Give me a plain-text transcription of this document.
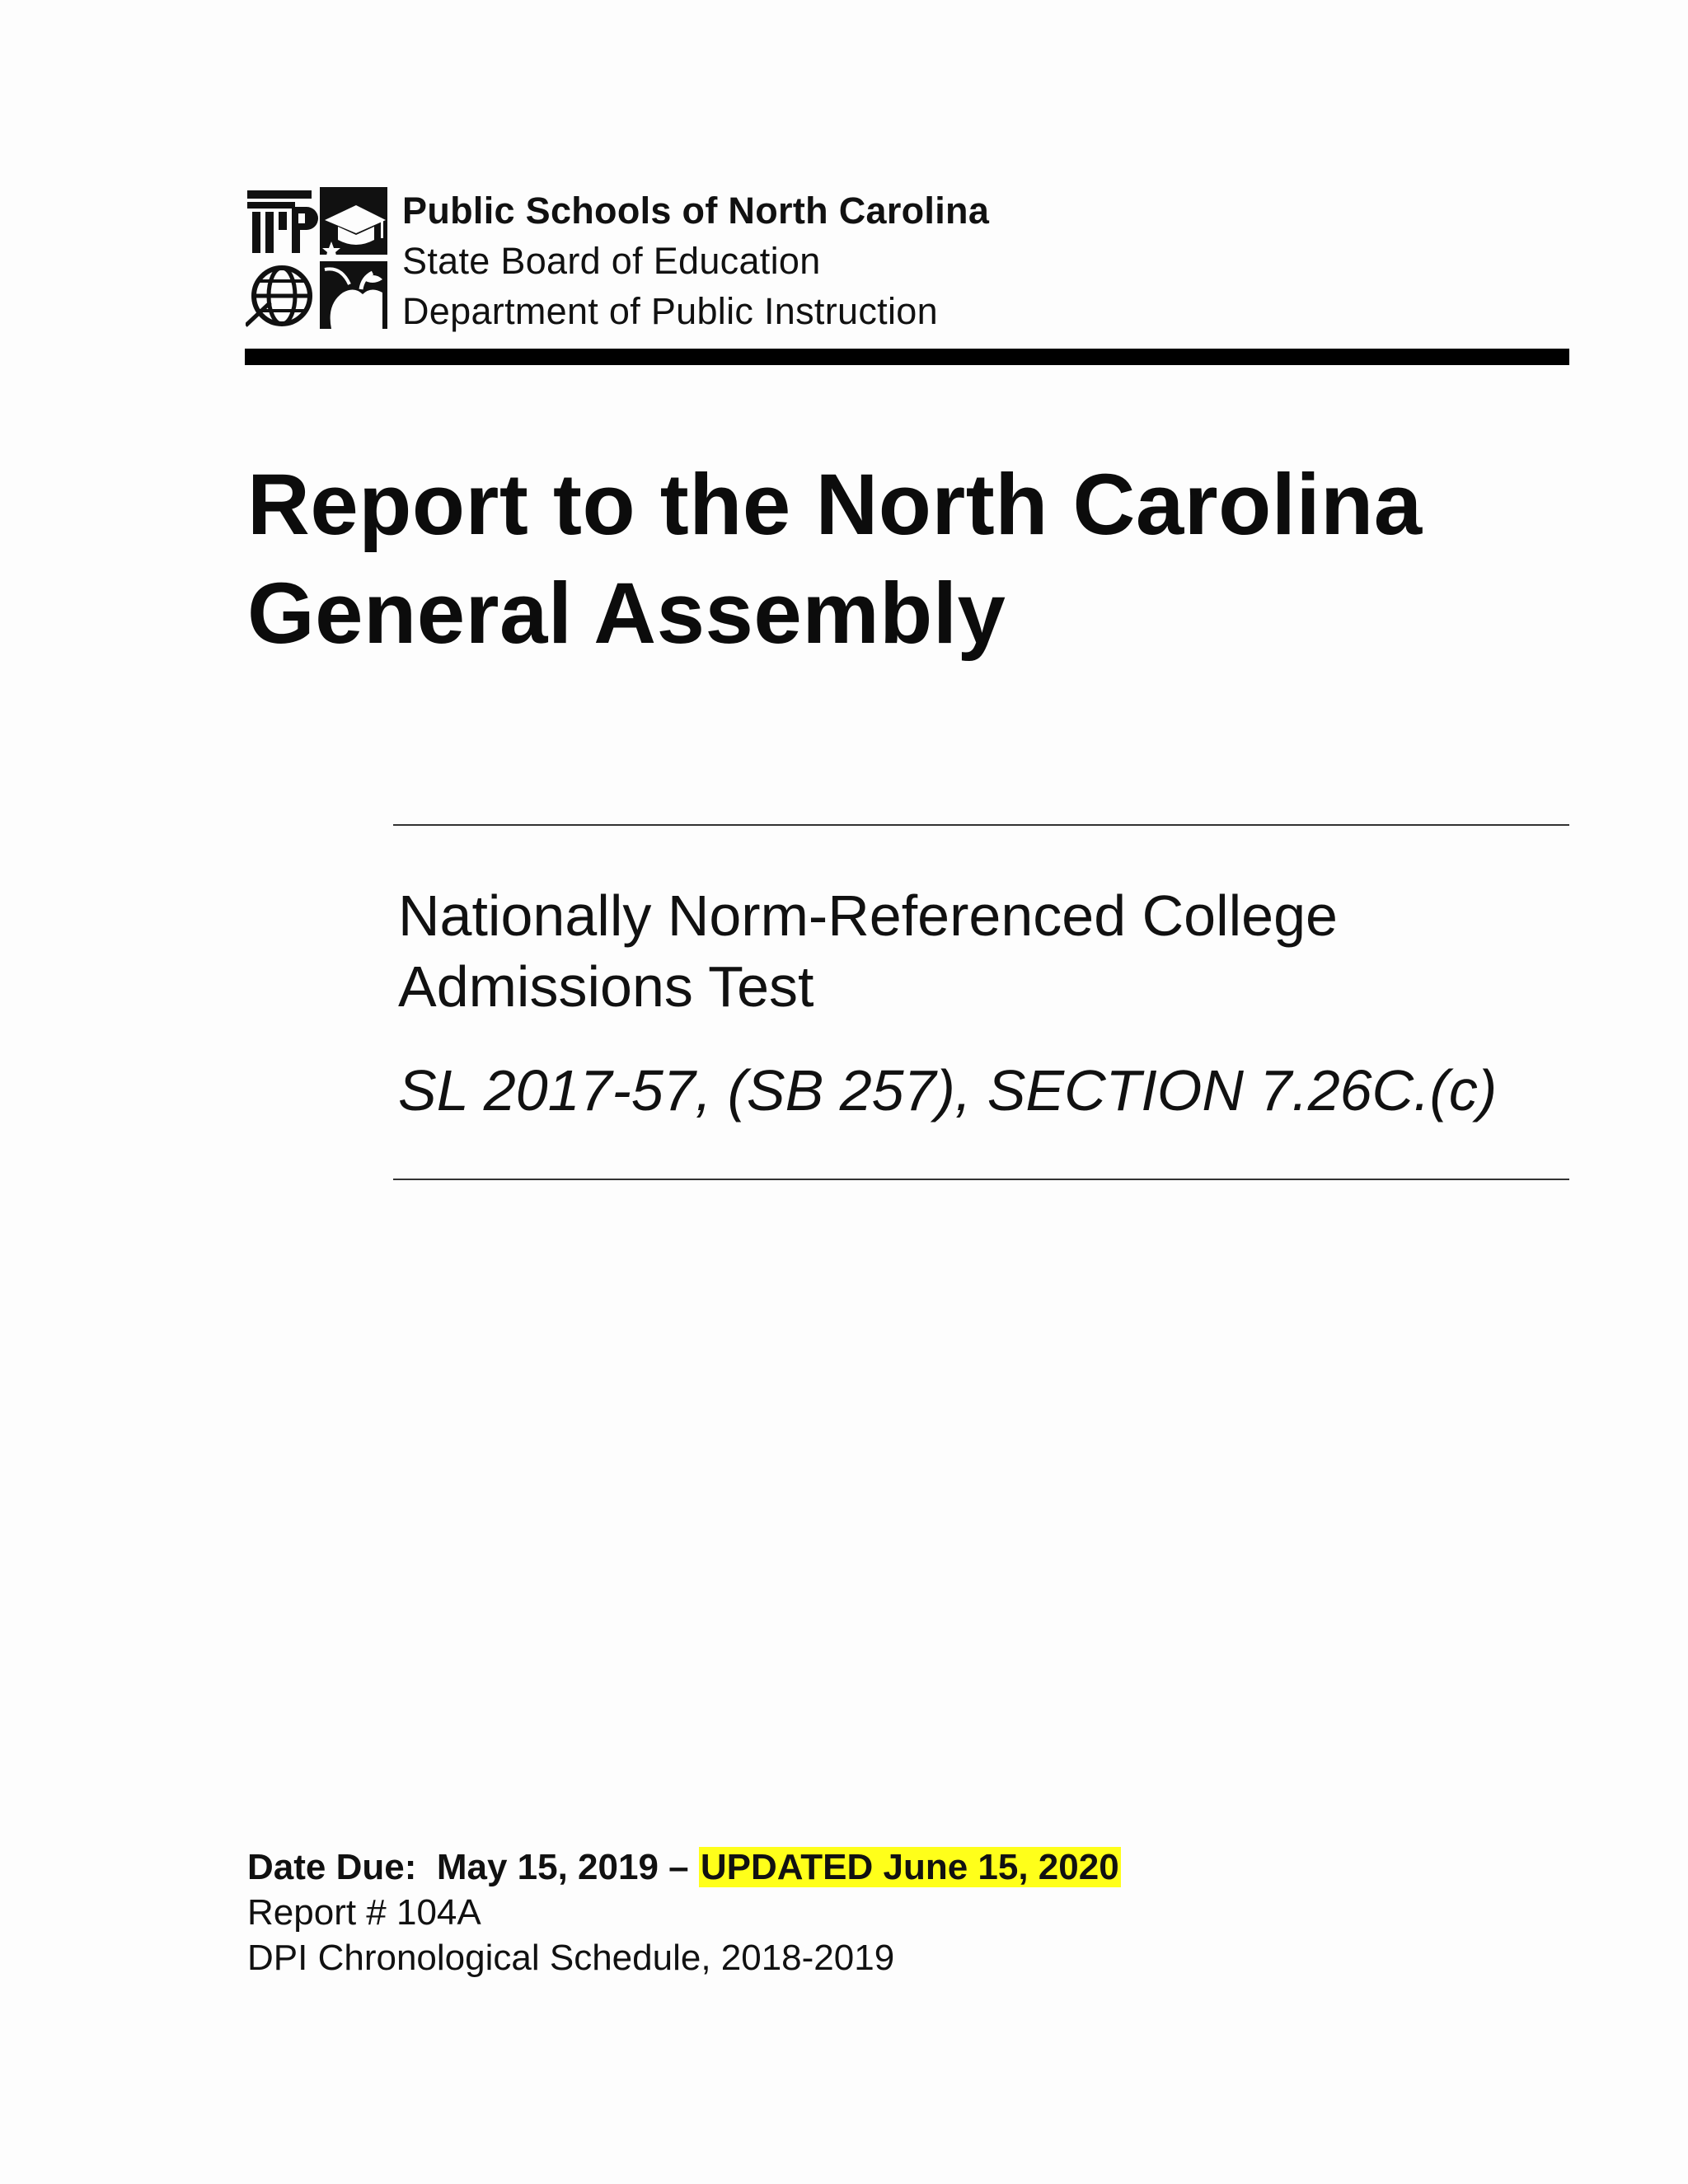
Public Schools of North Carolina
State Board of Education
Department of Public Instruction
Report to the North Carolina
General Assembly
Nationally Norm-Referenced College
Admissions Test
SL 2017-57, (SB 257), SECTION 7.26C.(c)
Date Due: May 15, 2019 – UPDATED June 15, 2020
Report # 104A
DPI Chronological Schedule, 2018-2019
